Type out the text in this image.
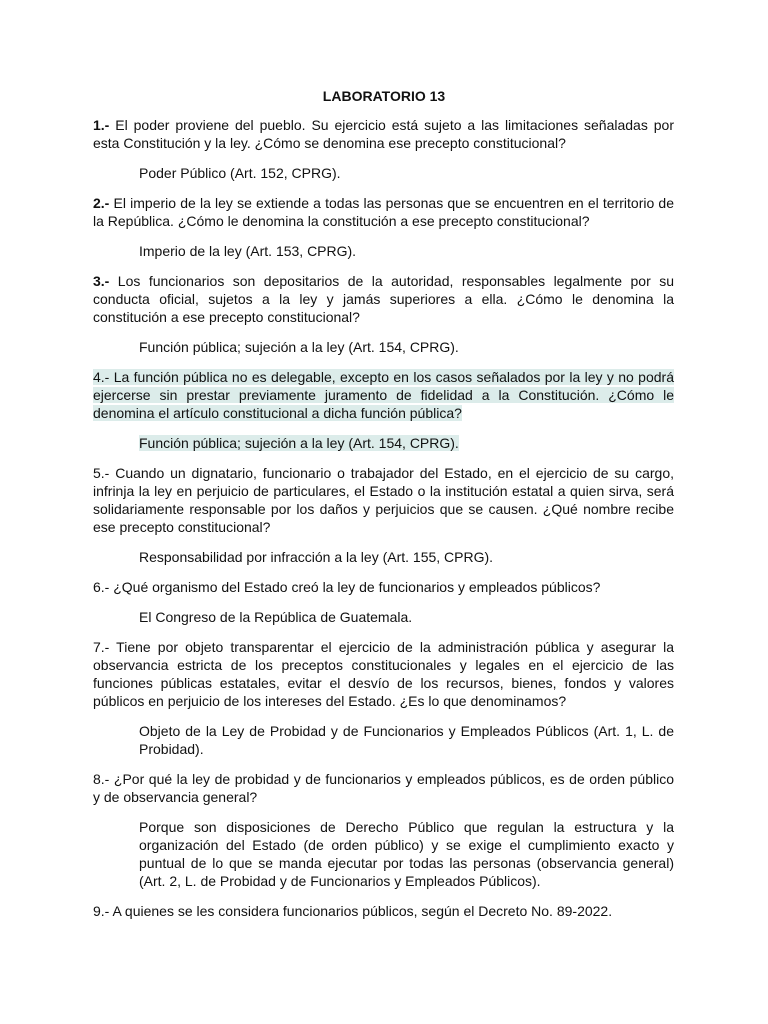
LABORATORIO 13

1.- El poder proviene del pueblo. Su ejercicio está sujeto a las limitaciones señaladas por esta Constitución y la ley. ¿Cómo se denomina ese precepto constitucional?

Poder Público (Art. 152, CPRG).

2.- El imperio de la ley se extiende a todas las personas que se encuentren en el territorio de la República. ¿Cómo le denomina la constitución a ese precepto constitucional?

Imperio de la ley (Art. 153, CPRG).

3.- Los funcionarios son depositarios de la autoridad, responsables legalmente por su conducta oficial, sujetos a la ley y jamás superiores a ella. ¿Cómo le denomina la constitución a ese precepto constitucional?

Función pública; sujeción a la ley (Art. 154, CPRG).

4.- La función pública no es delegable, excepto en los casos señalados por la ley y no podrá ejercerse sin prestar previamente juramento de fidelidad a la Constitución. ¿Cómo le denomina el artículo constitucional a dicha función pública?

Función pública; sujeción a la ley (Art. 154, CPRG).

5.- Cuando un dignatario, funcionario o trabajador del Estado, en el ejercicio de su cargo, infrinja la ley en perjuicio de particulares, el Estado o la institución estatal a quien sirva, será solidariamente responsable por los daños y perjuicios que se causen. ¿Qué nombre recibe ese precepto constitucional?

Responsabilidad por infracción a la ley (Art. 155, CPRG).

6.- ¿Qué organismo del Estado creó la ley de funcionarios y empleados públicos?

El Congreso de la República de Guatemala.

7.- Tiene por objeto transparentar el ejercicio de la administración pública y asegurar la observancia estricta de los preceptos constitucionales y legales en el ejercicio de las funciones públicas estatales, evitar el desvío de los recursos, bienes, fondos y valores públicos en perjuicio de los intereses del Estado. ¿Es lo que denominamos?

Objeto de la Ley de Probidad y de Funcionarios y Empleados Públicos (Art. 1, L. de Probidad).

8.- ¿Por qué la ley de probidad y de funcionarios y empleados públicos, es de orden público y de observancia general?

Porque son disposiciones de Derecho Público que regulan la estructura y la organización del Estado (de orden público) y se exige el cumplimiento exacto y puntual de lo que se manda ejecutar por todas las personas (observancia general) (Art. 2, L. de Probidad y de Funcionarios y Empleados Públicos).

9.- A quienes se les considera funcionarios públicos, según el Decreto No. 89-2022.
